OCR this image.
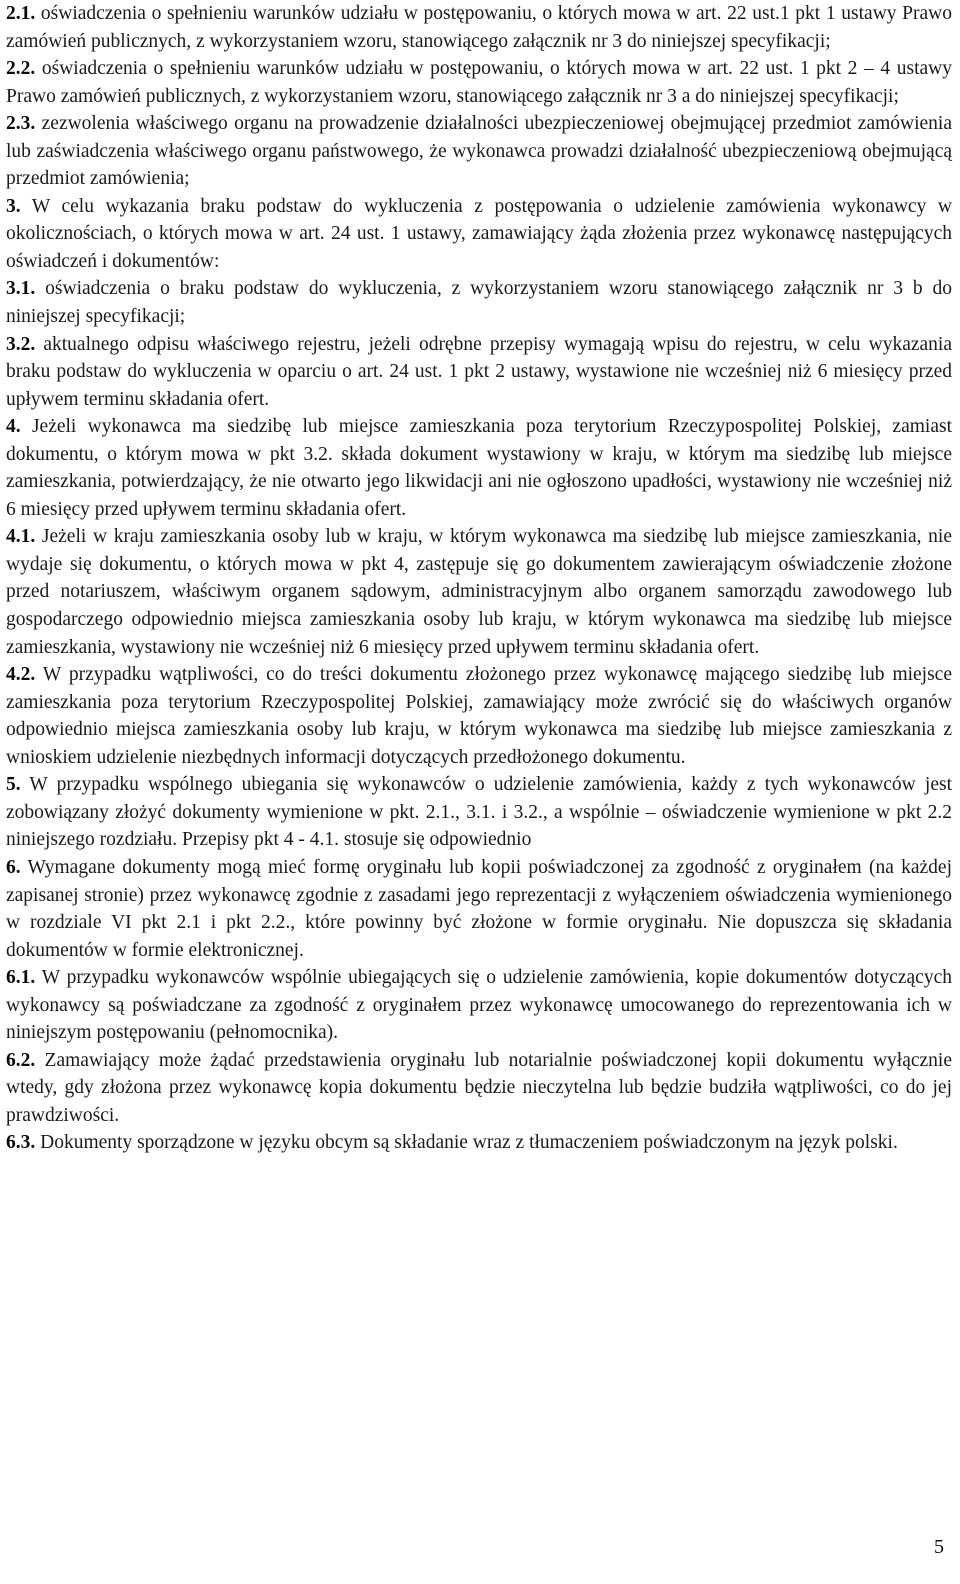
2.1. oświadczenia o spełnieniu warunków udziału w postępowaniu, o których mowa w art. 22 ust.1 pkt 1 ustawy Prawo zamówień publicznych, z wykorzystaniem wzoru, stanowiącego załącznik nr 3 do niniejszej specyfikacji;

2.2. oświadczenia o spełnieniu warunków udziału w postępowaniu, o których mowa w art. 22 ust. 1 pkt 2 – 4 ustawy Prawo zamówień publicznych, z wykorzystaniem wzoru, stanowiącego załącznik nr 3 a do niniejszej specyfikacji;

2.3. zezwolenia właściwego organu na prowadzenie działalności ubezpieczeniowej obejmującej przedmiot zamówienia lub zaświadczenia właściwego organu państwowego, że wykonawca prowadzi działalność ubezpieczeniową obejmującą przedmiot zamówienia;

3. W celu wykazania braku podstaw do wykluczenia z postępowania o udzielenie zamówienia wykonawcy w okolicznościach, o których mowa w art. 24 ust. 1 ustawy, zamawiający żąda złożenia przez wykonawcę następujących oświadczeń i dokumentów:

3.1. oświadczenia o braku podstaw do wykluczenia, z wykorzystaniem wzoru stanowiącego załącznik nr 3 b do niniejszej specyfikacji;

3.2. aktualnego odpisu właściwego rejestru, jeżeli odrębne przepisy wymagają wpisu do rejestru, w celu wykazania braku podstaw do wykluczenia w oparciu o art. 24 ust. 1 pkt 2 ustawy, wystawione nie wcześniej niż 6 miesięcy przed upływem terminu składania ofert.

4. Jeżeli wykonawca ma siedzibę lub miejsce zamieszkania poza terytorium Rzeczypospolitej Polskiej, zamiast dokumentu, o którym mowa w pkt 3.2. składa dokument wystawiony w kraju, w którym ma siedzibę lub miejsce zamieszkania, potwierdzający, że nie otwarto jego likwidacji ani nie ogłoszono upadłości, wystawiony nie wcześniej niż 6 miesięcy przed upływem terminu składania ofert.

4.1. Jeżeli w kraju zamieszkania osoby lub w kraju, w którym wykonawca ma siedzibę lub miejsce zamieszkania, nie wydaje się dokumentu, o których mowa w pkt 4, zastępuje się go dokumentem zawierającym oświadczenie złożone przed notariuszem, właściwym organem sądowym, administracyjnym albo organem samorządu zawodowego lub gospodarczego odpowiednio miejsca zamieszkania osoby lub kraju, w którym wykonawca ma siedzibę lub miejsce zamieszkania, wystawiony nie wcześniej niż 6 miesięcy przed upływem terminu składania ofert.

4.2. W przypadku wątpliwości, co do treści dokumentu złożonego przez wykonawcę mającego siedzibę lub miejsce zamieszkania poza terytorium Rzeczypospolitej Polskiej, zamawiający może zwrócić się do właściwych organów odpowiednio miejsca zamieszkania osoby lub kraju, w którym wykonawca ma siedzibę lub miejsce zamieszkania z wnioskiem udzielenie niezbędnych informacji dotyczących przedłożonego dokumentu.

5. W przypadku wspólnego ubiegania się wykonawców o udzielenie zamówienia, każdy z tych wykonawców jest zobowiązany złożyć dokumenty wymienione w pkt. 2.1., 3.1. i 3.2., a wspólnie – oświadczenie wymienione w pkt 2.2 niniejszego rozdziału. Przepisy pkt 4 - 4.1. stosuje się odpowiednio

6. Wymagane dokumenty mogą mieć formę oryginału lub kopii poświadczonej za zgodność z oryginałem (na każdej zapisanej stronie) przez wykonawcę zgodnie z zasadami jego reprezentacji z wyłączeniem oświadczenia wymienionego w rozdziale VI pkt 2.1 i pkt 2.2., które powinny być złożone w formie oryginału. Nie dopuszcza się składania dokumentów w formie elektronicznej.

6.1. W przypadku wykonawców wspólnie ubiegających się o udzielenie zamówienia, kopie dokumentów dotyczących wykonawcy są poświadczane za zgodność z oryginałem przez wykonawcę umocowanego do reprezentowania ich w niniejszym postępowaniu (pełnomocnika).

6.2. Zamawiający może żądać przedstawienia oryginału lub notarialnie poświadczonej kopii dokumentu wyłącznie wtedy, gdy złożona przez wykonawcę kopia dokumentu będzie nieczytelna lub będzie budziła wątpliwości, co do jej prawdziwości.

6.3. Dokumenty sporządzone w języku obcym są składanie wraz z tłumaczeniem poświadczonym na język polski.

5
